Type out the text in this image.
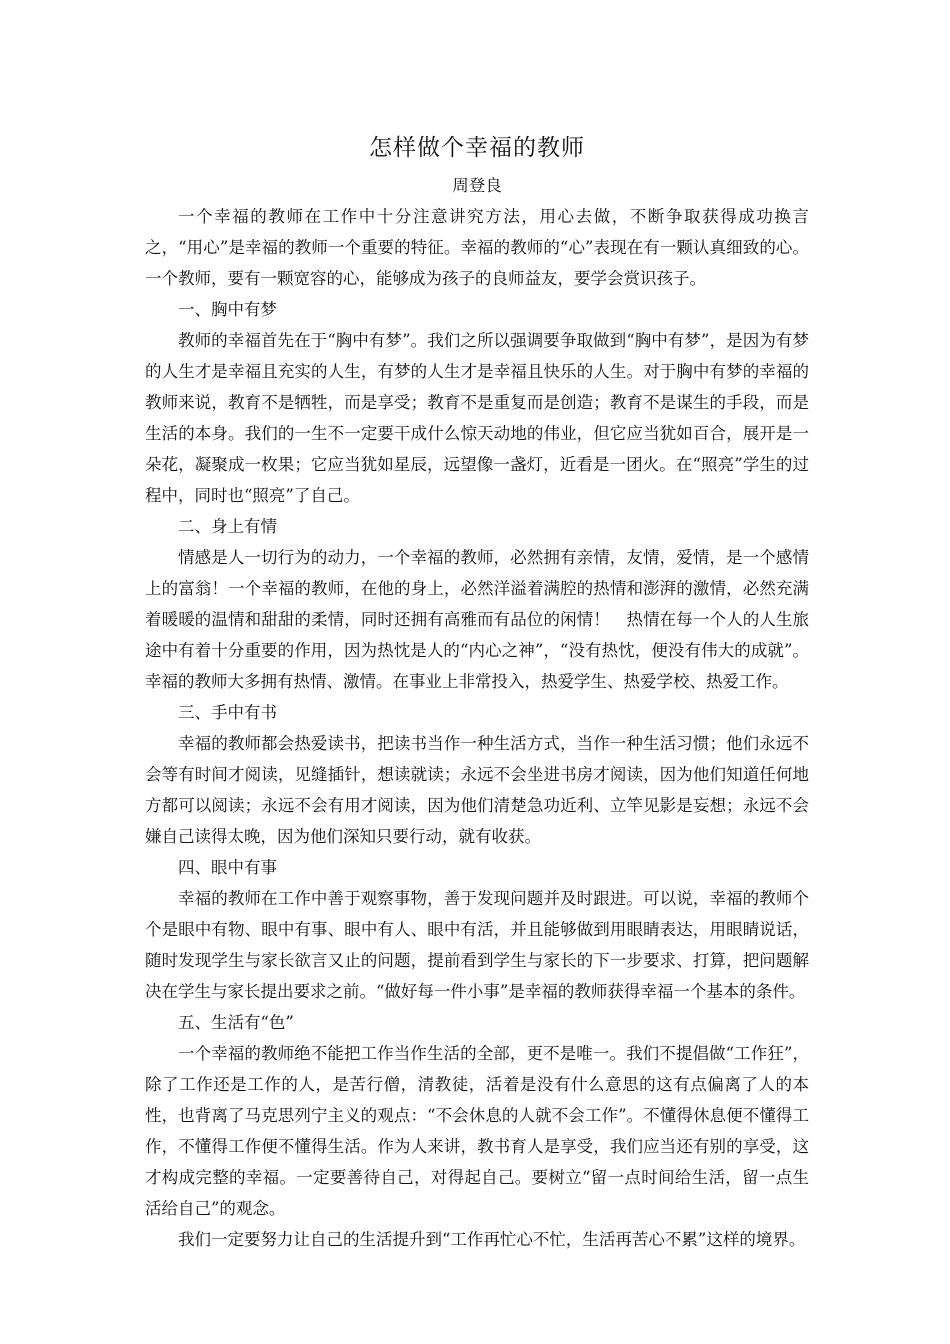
怎样做个幸福的教师

周登良

一个幸福的教师在工作中十分注意讲究方法，用心去做，不断争取获得成功换言之，“用心”是幸福的教师一个重要的特征。幸福的教师的“心”表现在有一颗认真细致的心。一个教师，要有一颗宽容的心，能够成为孩子的良师益友，要学会赏识孩子。

一、胸中有梦

教师的幸福首先在于“胸中有梦”。我们之所以强调要争取做到“胸中有梦”，是因为有梦的人生才是幸福且充实的人生，有梦的人生才是幸福且快乐的人生。对于胸中有梦的幸福的教师来说，教育不是牺牲，而是享受；教育不是重复而是创造；教育不是谋生的手段，而是生活的本身。我们的一生不一定要干成什么惊天动地的伟业，但它应当犹如百合，展开是一朵花，凝聚成一枚果；它应当犹如星辰，远望像一盏灯，近看是一团火。在“照亮”学生的过程中，同时也“照亮”了自己。

二、身上有情

情感是人一切行为的动力，一个幸福的教师，必然拥有亲情，友情，爱情，是一个感情上的富翁！一个幸福的教师，在他的身上，必然洋溢着满腔的热情和澎湃的激情，必然充满着暖暖的温情和甜甜的柔情，同时还拥有高雅而有品位的闲情！　热情在每一个人的人生旅途中有着十分重要的作用，因为热忱是人的“内心之神”，“没有热忱，便没有伟大的成就”。幸福的教师大多拥有热情、激情。在事业上非常投入，热爱学生、热爱学校、热爱工作。

三、手中有书

幸福的教师都会热爱读书，把读书当作一种生活方式，当作一种生活习惯；他们永远不会等有时间才阅读，见缝插针，想读就读；永远不会坐进书房才阅读，因为他们知道任何地方都可以阅读；永远不会有用才阅读，因为他们清楚急功近利、立竿见影是妄想；永远不会嫌自己读得太晚，因为他们深知只要行动，就有收获。

四、眼中有事

幸福的教师在工作中善于观察事物，善于发现问题并及时跟进。可以说，幸福的教师个个是眼中有物、眼中有事、眼中有人、眼中有活，并且能够做到用眼睛表达，用眼睛说话，随时发现学生与家长欲言又止的问题，提前看到学生与家长的下一步要求、打算，把问题解决在学生与家长提出要求之前。“做好每一件小事”是幸福的教师获得幸福一个基本的条件。

五、生活有“色”

一个幸福的教师绝不能把工作当作生活的全部，更不是唯一。我们不提倡做“工作狂”，除了工作还是工作的人，是苦行僧，清教徒，活着是没有什么意思的这有点偏离了人的本性，也背离了马克思列宁主义的观点：“不会休息的人就不会工作”。不懂得休息便不懂得工作，不懂得工作便不懂得生活。作为人来讲，教书育人是享受，我们应当还有别的享受，这才构成完整的幸福。一定要善待自己，对得起自己。要树立“留一点时间给生活，留一点生活给自己”的观念。

我们一定要努力让自己的生活提升到“工作再忙心不忙，生活再苦心不累”这样的境界。
